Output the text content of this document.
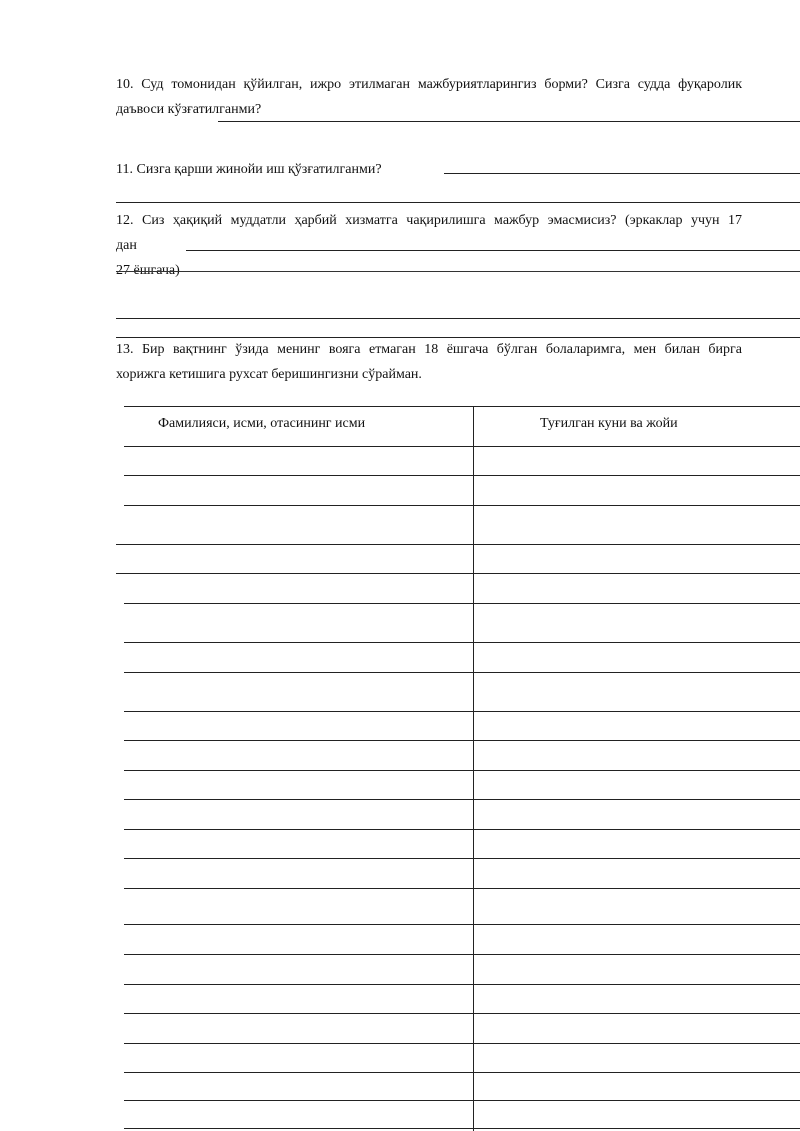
10. Суд томонидан қўйилган, ижро этилмаган мажбуриятларингиз борми? Сизга судда фуқаролик
даъвоси кўзғатилганми?
11. Сизга қарши жинойи иш қўзғатилганми?
12. Сиз ҳақиқий муддатли ҳарбий хизматга чақирилишга мажбур эмасмисиз? (эркаклар учун 17
дан
27 ёшгача)
13. Бир вақтнинг ўзида менинг вояга етмаган 18 ёшгача бўлган болаларимга, мен билан бирга
хорижга кетишига рухсат беришингизни сўрайман.
Фамилияси, исми, отасининг исми	Туғилган куни ва жойи
